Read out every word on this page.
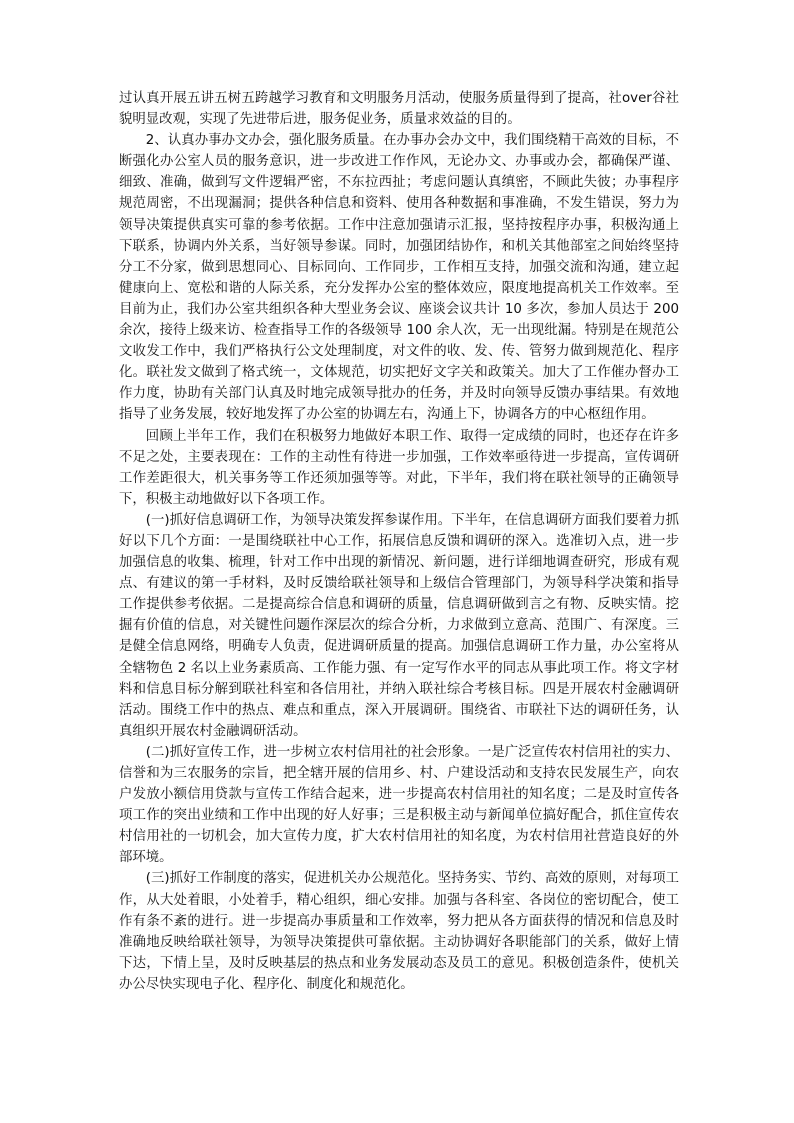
过认真开展五讲五树五跨越学习教育和文明服务月活动，使服务质量得到了提高，社over谷社貌明显改观，实现了先进带后进，服务促业务，质量求效益的目的。

2、认真办事办文办会，强化服务质量。在办事办会办文中，我们围绕精干高效的目标，不断强化办公室人员的服务意识，进一步改进工作作风，无论办文、办事或办会，都确保严谨、细致、准确，做到写文件逻辑严密，不东拉西扯；考虑问题认真缜密，不顾此失彼；办事程序规范周密，不出现漏洞；提供各种信息和资料、使用各种数据和事准确，不发生错误，努力为领导决策提供真实可靠的参考依据。工作中注意加强请示汇报，坚持按程序办事，积极沟通上下联系，协调内外关系，当好领导参谋。同时，加强团结协作，和机关其他部室之间始终坚持分工不分家，做到思想同心、目标同向、工作同步，工作相互支持，加强交流和沟通，建立起健康向上、宽松和谐的人际关系，充分发挥办公室的整体效应，限度地提高机关工作效率。至目前为止，我们办公室共组织各种大型业务会议、座谈会议共计 10 多次，参加人员达于 200 余次，接待上级来访、检查指导工作的各级领导 100 余人次，无一出现纰漏。特别是在规范公文收发工作中，我们严格执行公文处理制度，对文件的收、发、传、管努力做到规范化、程序化。联社发文做到了格式统一，文体规范，切实把好文字关和政策关。加大了工作催办督办工作力度，协助有关部门认真及时地完成领导批办的任务，并及时向领导反馈办事结果。有效地指导了业务发展，较好地发挥了办公室的协调左右，沟通上下，协调各方的中心枢纽作用。

回顾上半年工作，我们在积极努力地做好本职工作、取得一定成绩的同时，也还存在许多不足之处，主要表现在：工作的主动性有待进一步加强，工作效率亟待进一步提高，宣传调研工作差距很大，机关事务等工作还须加强等等。对此，下半年，我们将在联社领导的正确领导下，积极主动地做好以下各项工作。

(一)抓好信息调研工作，为领导决策发挥参谋作用。下半年，在信息调研方面我们要着力抓好以下几个方面：一是围绕联社中心工作，拓展信息反馈和调研的深入。选准切入点，进一步加强信息的收集、梳理，针对工作中出现的新情况、新问题，进行详细地调查研究，形成有观点、有建议的第一手材料，及时反馈给联社领导和上级信合管理部门，为领导科学决策和指导工作提供参考依据。二是提高综合信息和调研的质量，信息调研做到言之有物、反映实情。挖掘有价值的信息，对关键性问题作深层次的综合分析，力求做到立意高、范围广、有深度。三是健全信息网络，明确专人负责，促进调研质量的提高。加强信息调研工作力量，办公室将从全辖物色 2 名以上业务素质高、工作能力强、有一定写作水平的同志从事此项工作。将文字材料和信息目标分解到联社科室和各信用社，并纳入联社综合考核目标。四是开展农村金融调研活动。围绕工作中的热点、难点和重点，深入开展调研。围绕省、市联社下达的调研任务，认真组织开展农村金融调研活动。

(二)抓好宣传工作，进一步树立农村信用社的社会形象。一是广泛宣传农村信用社的实力、信誉和为三农服务的宗旨，把全辖开展的信用乡、村、户建设活动和支持农民发展生产，向农户发放小额信用贷款与宣传工作结合起来，进一步提高农村信用社的知名度；二是及时宣传各项工作的突出业绩和工作中出现的好人好事；三是积极主动与新闻单位搞好配合，抓住宣传农村信用社的一切机会，加大宣传力度，扩大农村信用社的知名度，为农村信用社营造良好的外部环境。

(三)抓好工作制度的落实，促进机关办公规范化。坚持务实、节约、高效的原则，对每项工作，从大处着眼，小处着手，精心组织，细心安排。加强与各科室、各岗位的密切配合，使工作有条不紊的进行。进一步提高办事质量和工作效率，努力把从各方面获得的情况和信息及时准确地反映给联社领导，为领导决策提供可靠依据。主动协调好各职能部门的关系，做好上情下达，下情上呈，及时反映基层的热点和业务发展动态及员工的意见。积极创造条件，使机关办公尽快实现电子化、程序化、制度化和规范化。
